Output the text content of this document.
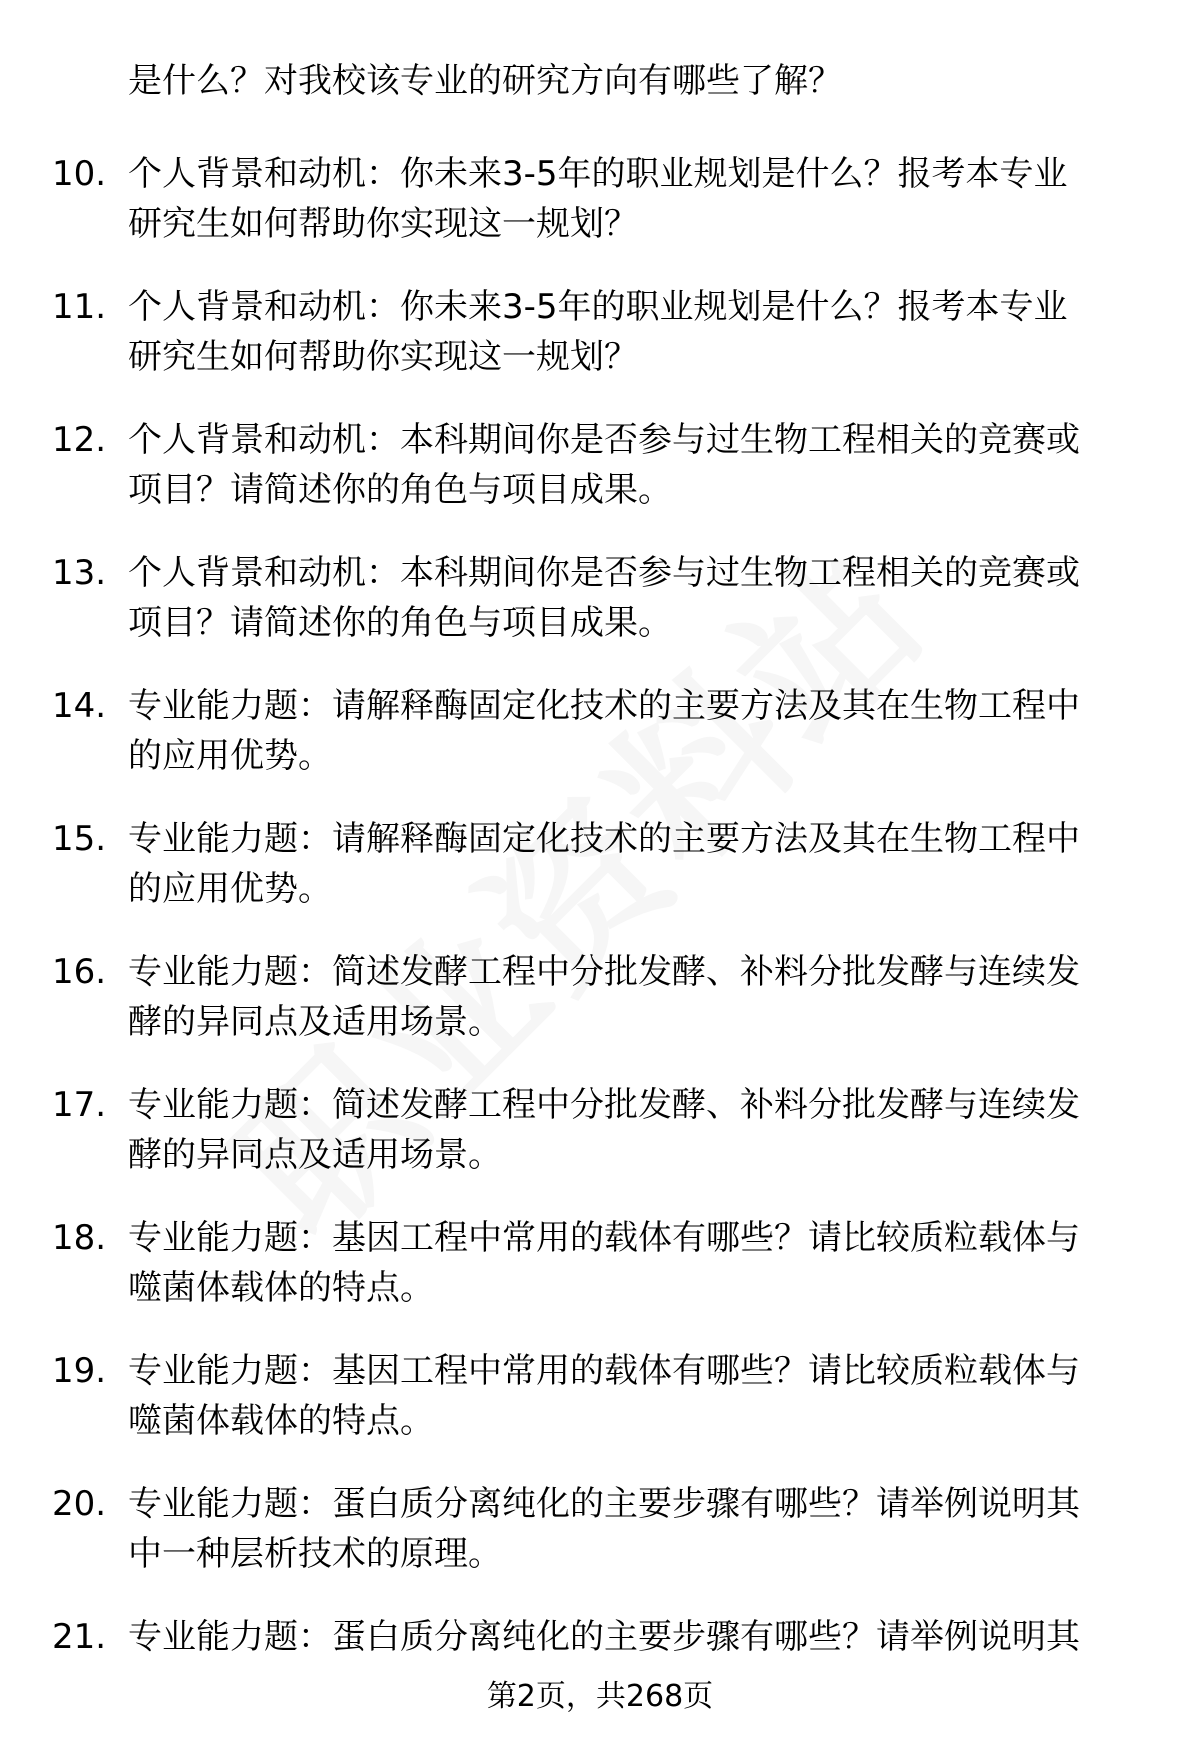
是什么？对我校该专业的研究方向有哪些了解？
10. 个人背景和动机：你未来3-5年的职业规划是什么？报考本专业
研究生如何帮助你实现这一规划？
11. 个人背景和动机：你未来3-5年的职业规划是什么？报考本专业
研究生如何帮助你实现这一规划？
12. 个人背景和动机：本科期间你是否参与过生物工程相关的竞赛或
项目？请简述你的角色与项目成果。
13. 个人背景和动机：本科期间你是否参与过生物工程相关的竞赛或
项目？请简述你的角色与项目成果。
14. 专业能力题：请解释酶固定化技术的主要方法及其在生物工程中
的应用优势。
15. 专业能力题：请解释酶固定化技术的主要方法及其在生物工程中
的应用优势。
16. 专业能力题：简述发酵工程中分批发酵、补料分批发酵与连续发
酵的异同点及适用场景。
17. 专业能力题：简述发酵工程中分批发酵、补料分批发酵与连续发
酵的异同点及适用场景。
18. 专业能力题：基因工程中常用的载体有哪些？请比较质粒载体与
噬菌体载体的特点。
19. 专业能力题：基因工程中常用的载体有哪些？请比较质粒载体与
噬菌体载体的特点。
20. 专业能力题：蛋白质分离纯化的主要步骤有哪些？请举例说明其
中一种层析技术的原理。
21. 专业能力题：蛋白质分离纯化的主要步骤有哪些？请举例说明其
第2页，共268页
